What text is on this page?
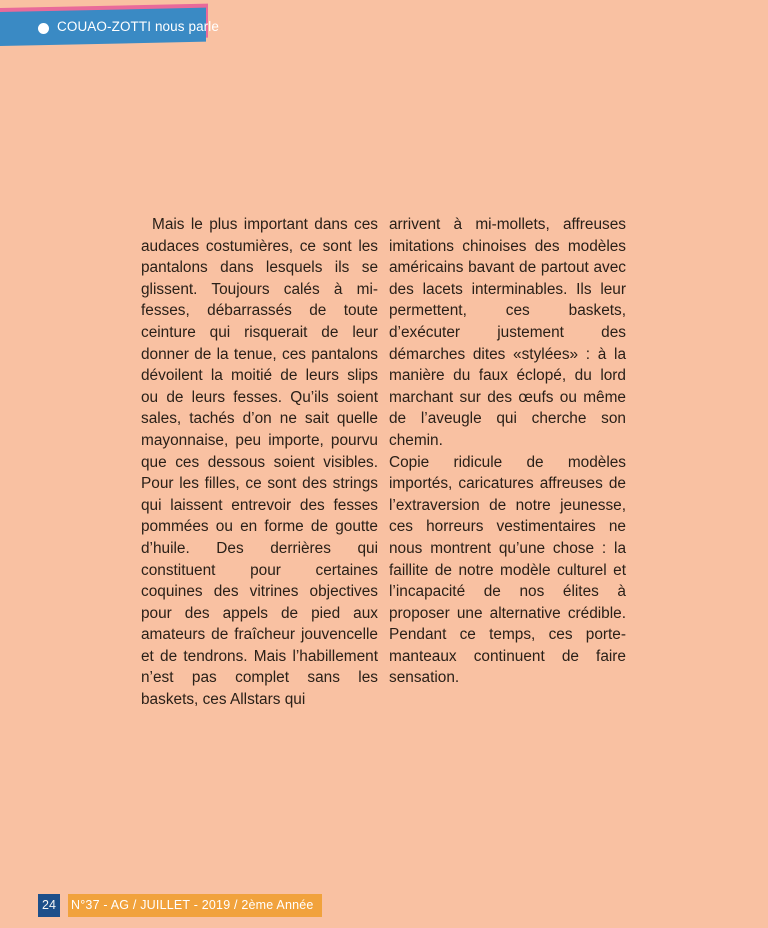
COUAO-ZOTTI nous parle

Mais le plus important dans ces audaces costumières, ce sont les pantalons dans lesquels ils se glissent. Toujours calés à mi-fesses, débarrassés de toute ceinture qui risquerait de leur donner de la tenue, ces pantalons dévoilent la moitié de leurs slips ou de leurs fesses. Qu’ils soient sales, tachés d’on ne sait quelle mayonnaise, peu importe, pourvu que ces dessous soient visibles. Pour les filles, ce sont des strings qui laissent entrevoir des fesses pommées ou en forme de goutte d’huile. Des derrières qui constituent pour certaines coquines des vitrines objectives pour des appels de pied aux amateurs de fraîcheur jouvencelle et de tendrons. Mais l’habillement n’est pas complet sans les baskets, ces Allstars qui

arrivent à mi-mollets, affreuses imitations chinoises des modèles américains bavant de partout avec des lacets interminables. Ils leur permettent, ces baskets, d’exécuter justement des démarches dites «stylées» : à la manière du faux éclopé, du lord marchant sur des œufs ou même de l’aveugle qui cherche son chemin.

Copie ridicule de modèles importés, caricatures affreuses de l’extraversion de notre jeunesse, ces horreurs vestimentaires ne nous montrent qu’une chose : la faillite de notre modèle culturel et l’incapacité de nos élites à proposer une alternative crédible. Pendant ce temps, ces porte-manteaux continuent de faire sensation.

24	N°37 - AG / JUILLET - 2019 / 2ème Année
